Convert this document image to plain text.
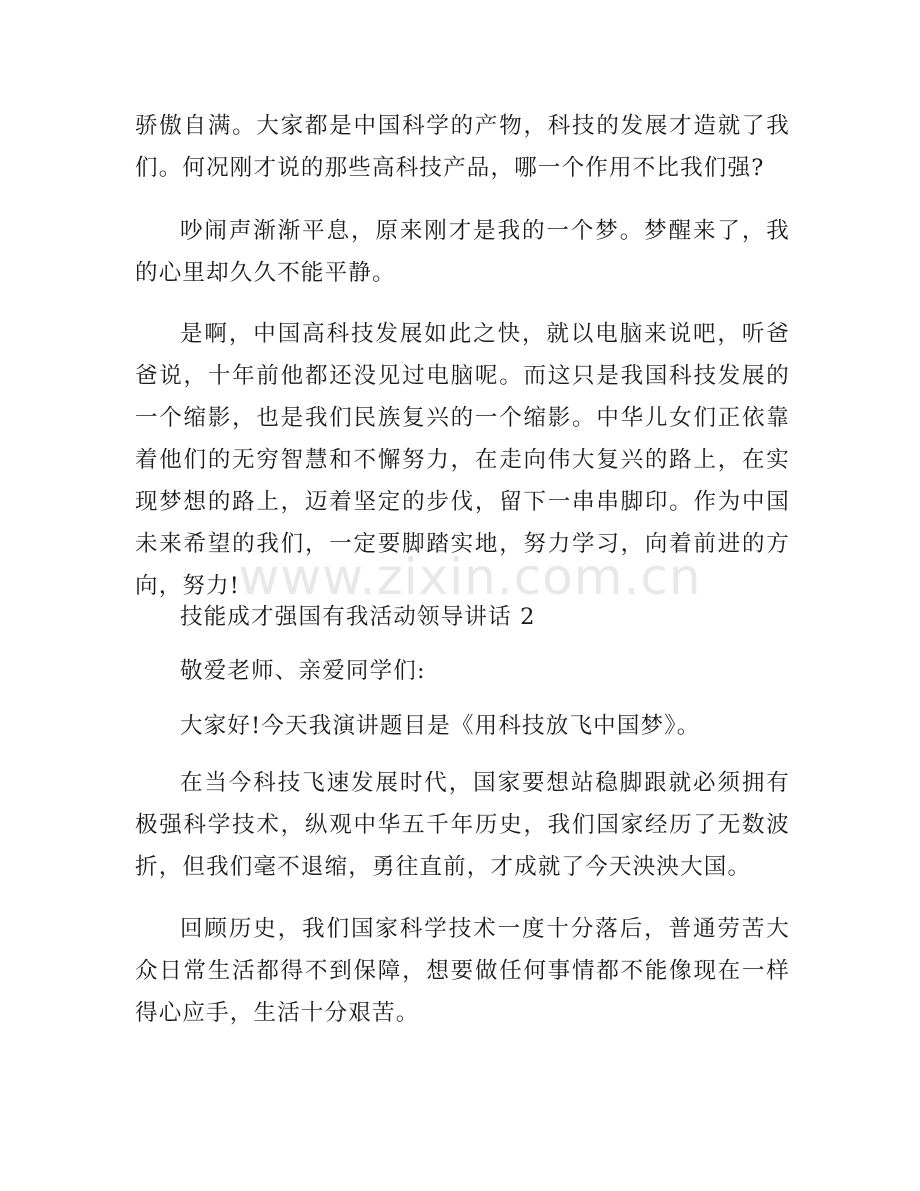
骄傲自满。大家都是中国科学的产物，科技的发展才造就了我们。何况刚才说的那些高科技产品，哪一个作用不比我们强?

吵闹声渐渐平息，原来刚才是我的一个梦。梦醒来了，我的心里却久久不能平静。

是啊，中国高科技发展如此之快，就以电脑来说吧，听爸爸说，十年前他都还没见过电脑呢。而这只是我国科技发展的一个缩影，也是我们民族复兴的一个缩影。中华儿女们正依靠着他们的无穷智慧和不懈努力，在走向伟大复兴的路上，在实现梦想的路上，迈着坚定的步伐，留下一串串脚印。作为中国未来希望的我们，一定要脚踏实地，努力学习，向着前进的方向，努力!

技能成才强国有我活动领导讲话 2

敬爱老师、亲爱同学们:

大家好!今天我演讲题目是《用科技放飞中国梦》。

在当今科技飞速发展时代，国家要想站稳脚跟就必须拥有极强科学技术，纵观中华五千年历史，我们国家经历了无数波折，但我们毫不退缩，勇往直前，才成就了今天泱泱大国。

回顾历史，我们国家科学技术一度十分落后，普通劳苦大众日常生活都得不到保障，想要做任何事情都不能像现在一样得心应手，生活十分艰苦。

www.zixin.com.cn
